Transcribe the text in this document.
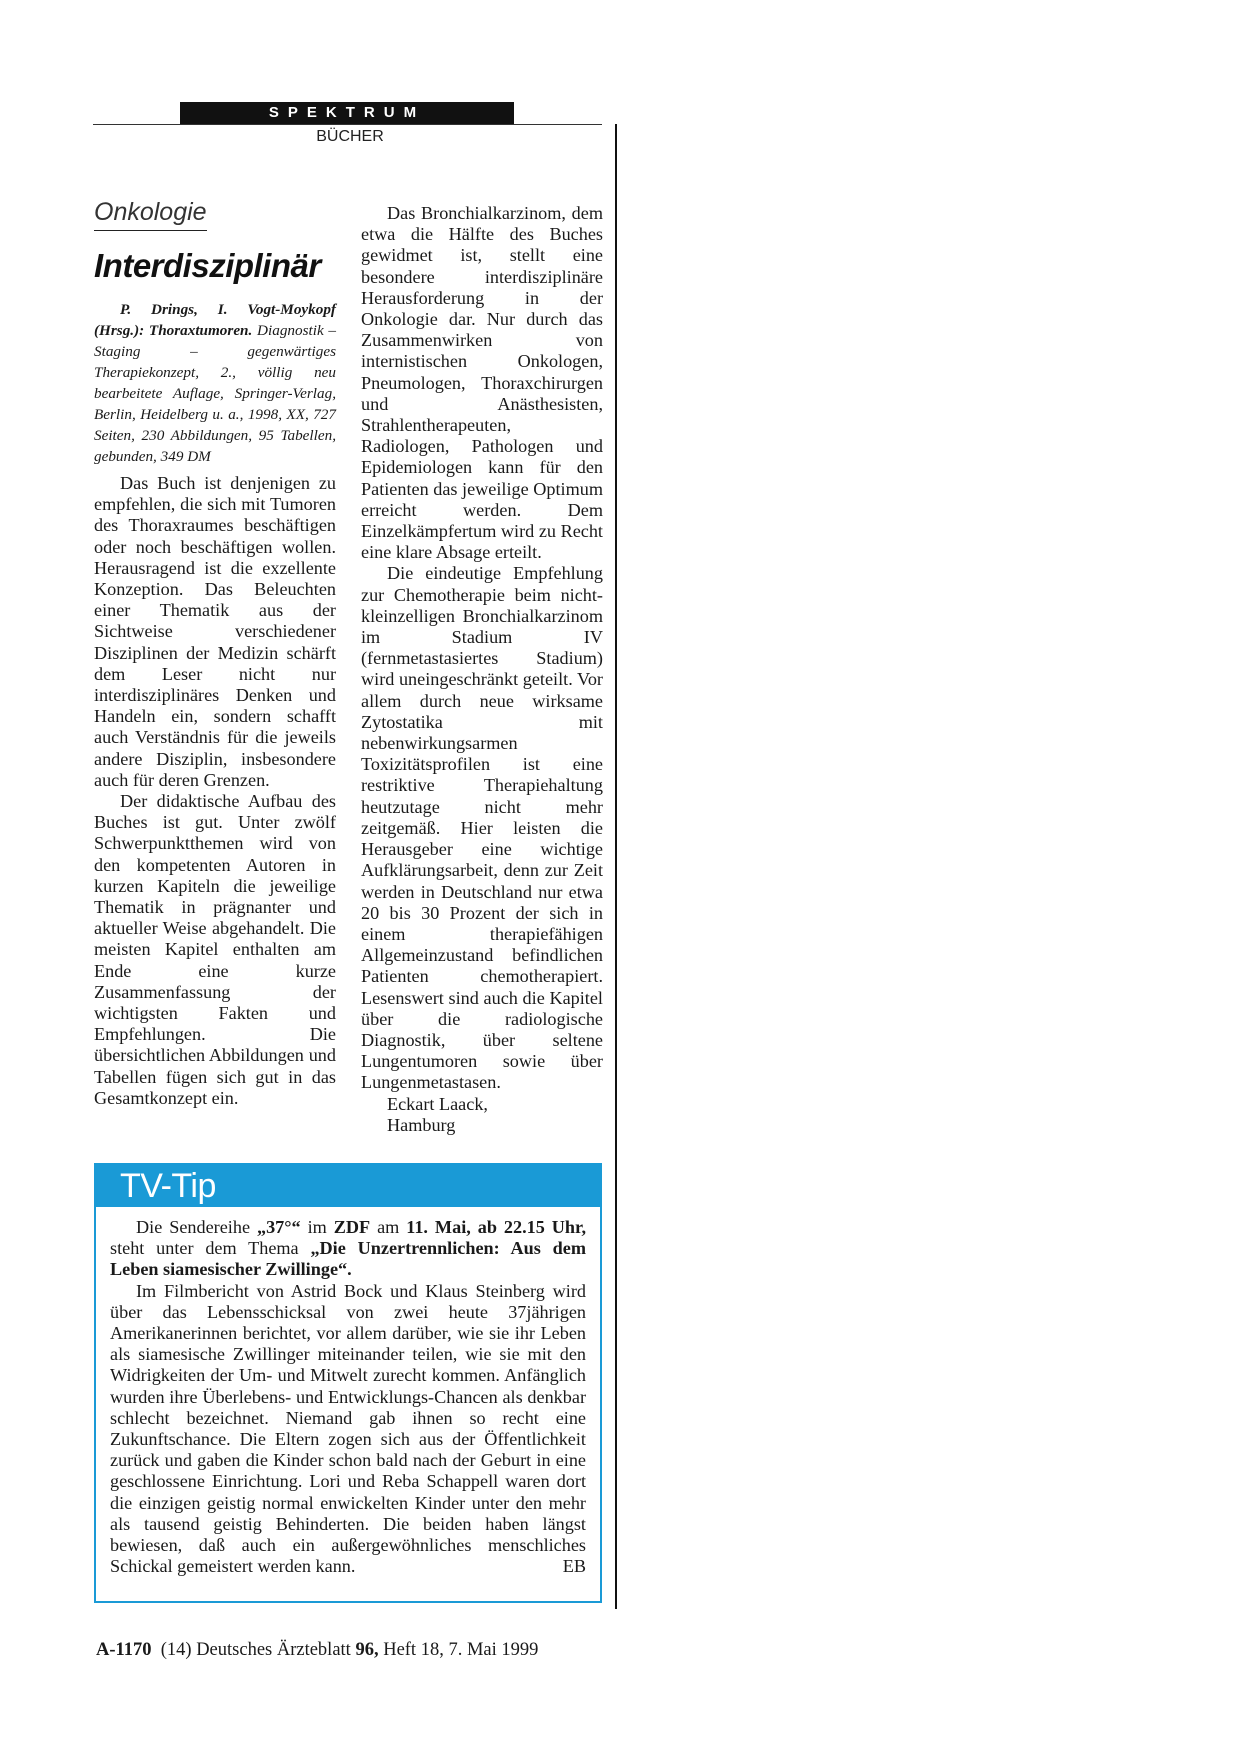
SPEKTRUM
BÜCHER
Onkologie
Interdisziplinär

P. Drings, I. Vogt-Moykopf (Hrsg.): Thoraxtumoren. Diagnostik – Staging – gegenwärtiges Therapiekonzept, 2., völlig neu bearbeitete Auflage, Springer-Verlag, Berlin, Heidelberg u. a., 1998, XX, 727 Seiten, 230 Abbildungen, 95 Tabellen, gebunden, 349 DM

Das Buch ist denjenigen zu empfehlen, die sich mit Tumoren des Thoraxraumes beschäftigen oder noch beschäftigen wollen. Herausragend ist die exzellente Konzeption. Das Beleuchten einer Thematik aus der Sichtweise verschiedener Disziplinen der Medizin schärft dem Leser nicht nur interdisziplinäres Denken und Handeln ein, sondern schafft auch Verständnis für die jeweils andere Disziplin, insbesondere auch für deren Grenzen.

Der didaktische Aufbau des Buches ist gut. Unter zwölf Schwerpunktthemen wird von den kompetenten Autoren in kurzen Kapiteln die jeweilige Thematik in prägnanter und aktueller Weise abgehandelt. Die meisten Kapitel enthalten am Ende eine kurze Zusammenfassung der wichtigsten Fakten und Empfehlungen. Die übersichtlichen Abbildungen und Tabellen fügen sich gut in das Gesamtkonzept ein.

Das Bronchialkarzinom, dem etwa die Hälfte des Buches gewidmet ist, stellt eine besondere interdisziplinäre Herausforderung in der Onkologie dar. Nur durch das Zusammenwirken von internistischen Onkologen, Pneumologen, Thoraxchirurgen und Anästhesisten, Strahlentherapeuten, Radiologen, Pathologen und Epidemiologen kann für den Patienten das jeweilige Optimum erreicht werden. Dem Einzelkämpfertum wird zu Recht eine klare Absage erteilt.

Die eindeutige Empfehlung zur Chemotherapie beim nicht-kleinzelligen Bronchialkarzinom im Stadium IV (fernmetastasiertes Stadium) wird uneingeschränkt geteilt. Vor allem durch neue wirksame Zytostatika mit nebenwirkungsarmen Toxizitätsprofilen ist eine restriktive Therapiehaltung heutzutage nicht mehr zeitgemäß. Hier leisten die Herausgeber eine wichtige Aufklärungsarbeit, denn zur Zeit werden in Deutschland nur etwa 20 bis 30 Prozent der sich in einem therapiefähigen Allgemeinzustand befindlichen Patienten chemotherapiert. Lesenswert sind auch die Kapitel über die radiologische Diagnostik, über seltene Lungentumoren sowie über Lungenmetastasen.

Eckart Laack,
Hamburg
TV-Tip

Die Sendereihe „37°“ im ZDF am 11. Mai, ab 22.15 Uhr, steht unter dem Thema „Die Unzertrennlichen: Aus dem Leben siamesischer Zwillinge“.

Im Filmbericht von Astrid Bock und Klaus Steinberg wird über das Lebensschicksal von zwei heute 37jährigen Amerikanerinnen berichtet, vor allem darüber, wie sie ihr Leben als siamesische Zwillinger miteinander teilen, wie sie mit den Widrigkeiten der Um- und Mitwelt zurecht kommen. Anfänglich wurden ihre Überlebens- und Entwicklungs-Chancen als denkbar schlecht bezeichnet. Niemand gab ihnen so recht eine Zukunftschance. Die Eltern zogen sich aus der Öffentlichkeit zurück und gaben die Kinder schon bald nach der Geburt in eine geschlossene Einrichtung. Lori und Reba Schappell waren dort die einzigen geistig normal enwickelten Kinder unter den mehr als tausend geistig Behinderten. Die beiden haben längst bewiesen, daß auch ein außergewöhnliches menschliches Schickal gemeistert werden kann.	EB

A-1170 (14) Deutsches Ärzteblatt 96, Heft 18, 7. Mai 1999
